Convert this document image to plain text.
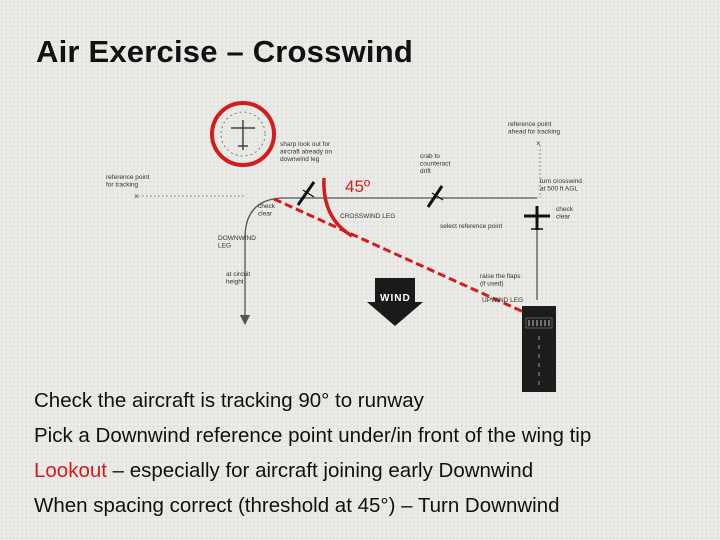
Air Exercise – Crosswind
×
×
45º
WIND
reference point for tracking
sharp look out for aircraft already on downwind leg	crab to counteract drift
reference point ahead for tracking
turn crosswind at 500 ft AGL
check clear	CROSSWIND LEG
check clear
select reference point
DOWNWIND LEG
at circuit height
raise the flaps (if used)
UPWIND LEG
Check the aircraft is tracking 90° to runway
Pick a Downwind reference point under/in front of the wing tip
Lookout – especially for aircraft joining early Downwind
When spacing correct (threshold at 45°) – Turn Downwind
